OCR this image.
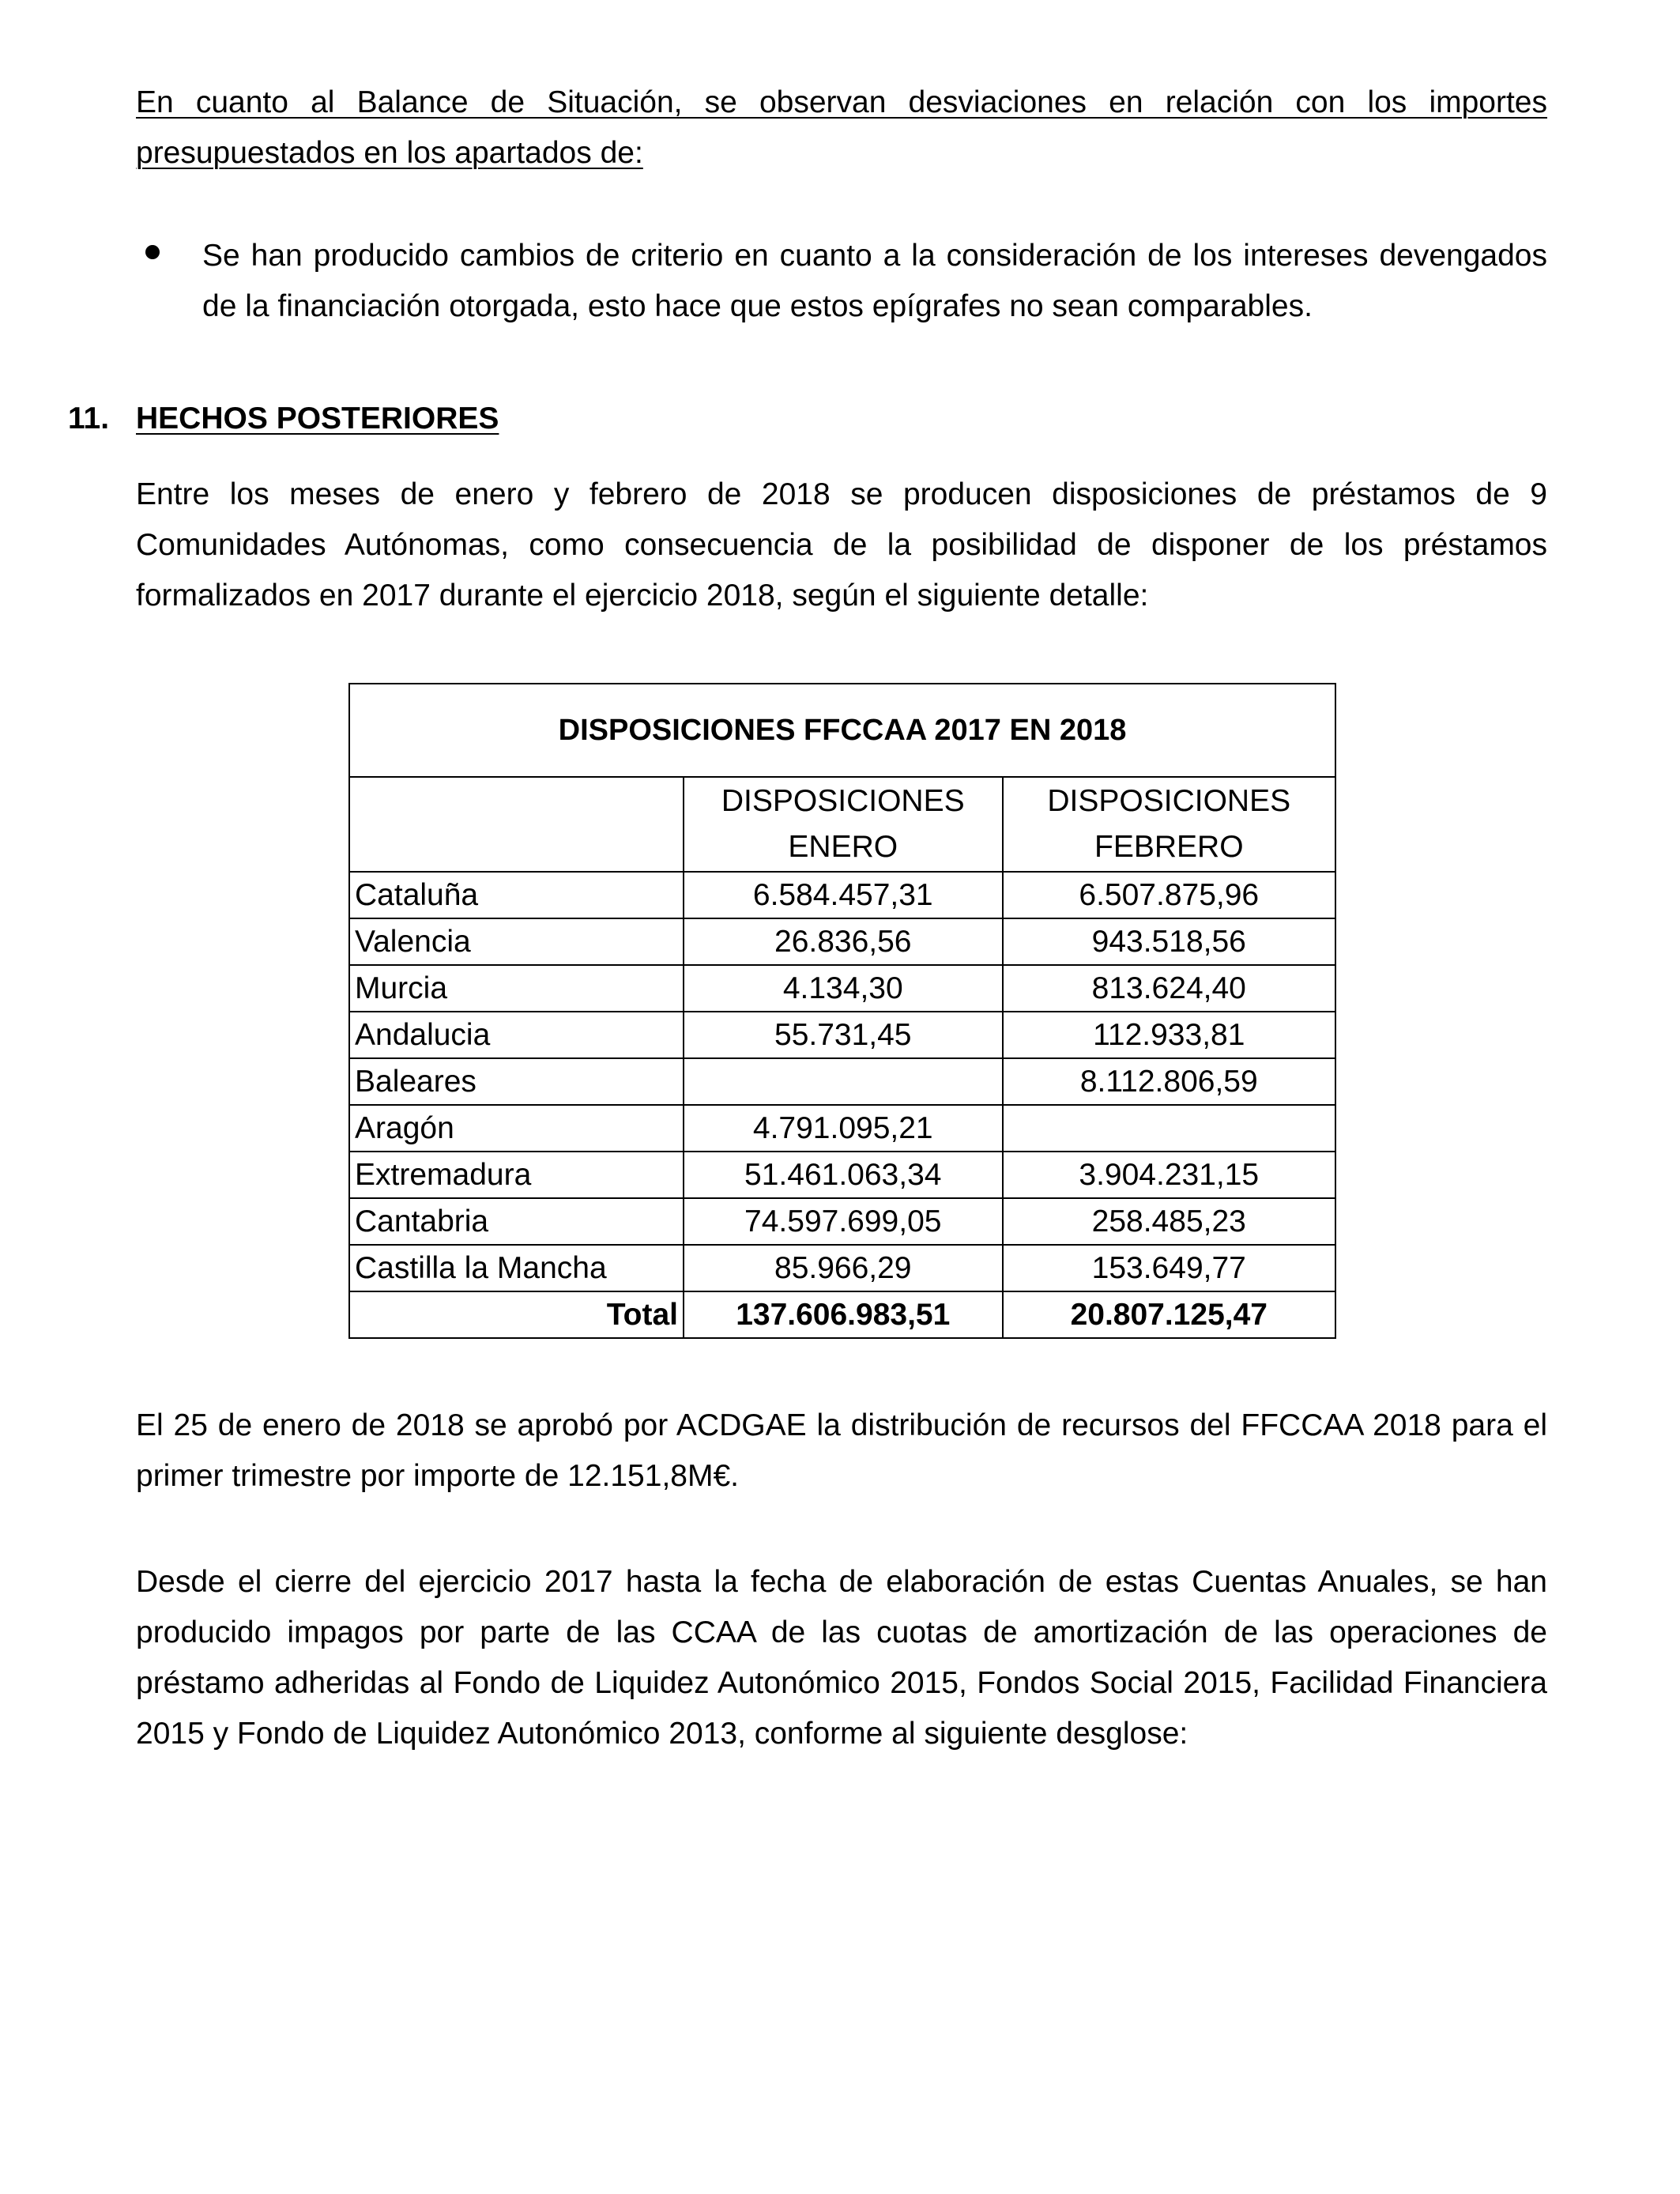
En cuanto al Balance de Situación, se observan desviaciones en relación con los importes presupuestados en los apartados de:

Se han producido cambios de criterio en cuanto a la consideración de los intereses devengados de la financiación otorgada, esto hace que estos epígrafes no sean comparables.

11. HECHOS POSTERIORES

Entre los meses de enero y febrero de 2018 se producen disposiciones de préstamos de 9 Comunidades Autónomas, como consecuencia de la posibilidad de disponer de los préstamos formalizados en 2017 durante el ejercicio 2018, según el siguiente detalle:

DISPOSICIONES FFCCAA 2017 EN 2018		
	DISPOSICIONES ENERO	DISPOSICIONES FEBRERO
Cataluña	6.584.457,31	6.507.875,96
Valencia	26.836,56	943.518,56
Murcia	4.134,30	813.624,40
Andalucia	55.731,45	112.933,81
Baleares		8.112.806,59
Aragón	4.791.095,21	
Extremadura	51.461.063,34	3.904.231,15
Cantabria	74.597.699,05	258.485,23
Castilla la Mancha	85.966,29	153.649,77
Total	137.606.983,51	20.807.125,47

El 25 de enero de 2018 se aprobó por ACDGAE la distribución de recursos del FFCCAA 2018 para el primer trimestre por importe de 12.151,8M€.

Desde el cierre del ejercicio 2017 hasta la fecha de elaboración de estas Cuentas Anuales, se han producido impagos por parte de las CCAA de las cuotas de amortización de las operaciones de préstamo adheridas al Fondo de Liquidez Autonómico 2015, Fondos Social 2015, Facilidad Financiera 2015 y Fondo de Liquidez Autonómico 2013, conforme al siguiente desglose:
